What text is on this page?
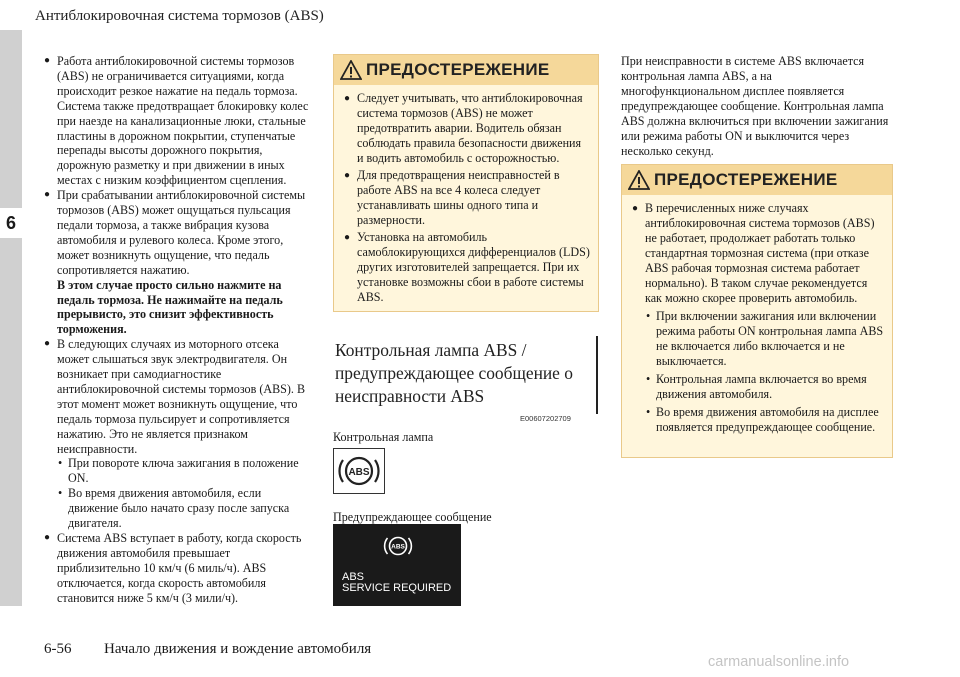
Антиблокировочная система тормозов (ABS)
6
● Работа антиблокировочной системы тормозов (ABS) не ограничивается ситуациями, когда происходит резкое нажатие на педаль тормоза. Система также предотвращает блокировку колес при наезде на канализационные люки, стальные пластины в дорожном покрытии, ступенчатые перепады высоты дорожного покрытия, дорожную разметку и при движении в иных местах с низким коэффициентом сцепления.
● При срабатывании антиблокировочной системы тормозов (ABS) может ощущаться пульсация педали тормоза, а также вибрация кузова автомобиля и рулевого колеса. Кроме этого, может возникнуть ощущение, что педаль сопротивляется нажатию.
В этом случае просто сильно нажмите на педаль тормоза. Не нажимайте на педаль прерывисто, это снизит эффективность торможения.
● В следующих случаях из моторного отсека может слышаться звук электродвигателя. Он возникает при самодиагностике антиблокировочной системы тормозов (ABS). В этот момент может возникнуть ощущение, что педаль тормоза пульсирует и сопротивляется нажатию. Это не является признаком неисправности.
• При повороте ключа зажигания в положение ON.
• Во время движения автомобиля, если движение было начато сразу после запуска двигателя.
● Система ABS вступает в работу, когда скорость движения автомобиля превышает приблизительно 10 км/ч (6 миль/ч). ABS отключается, когда скорость автомобиля становится ниже 5 км/ч (3 мили/ч).
ПРЕДОСТЕРЕЖЕНИЕ
● Следует учитывать, что антиблокировочная система тормозов (ABS) не может предотвратить аварии. Водитель обязан соблюдать правила безопасности движения и водить автомобиль с осторожностью.
● Для предотвращения неисправностей в работе ABS на все 4 колеса следует устанавливать шины одного типа и размерности.
● Установка на автомобиль самоблокирующихся дифференциалов (LDS) других изготовителей запрещается. При их установке возможны сбои в работе системы ABS.
Контрольная лампа ABS / предупреждающее сообщение о неисправности ABS
E00607202709
Контрольная лампа
ABS
Предупреждающее сообщение
ABS
ABS
SERVICE REQUIRED
При неисправности в системе ABS включается контрольная лампа ABS, а на многофункциональном дисплее появляется предупреждающее сообщение. Контрольная лампа ABS должна включиться при включении зажигания или режима работы ON и выключится через несколько секунд.
ПРЕДОСТЕРЕЖЕНИЕ
● В перечисленных ниже случаях антиблокировочная система тормозов (ABS) не работает, продолжает работать только стандартная тормозная система (при отказе ABS рабочая тормозная система работает нормально). В таком случае рекомендуется как можно скорее проверить автомобиль.
• При включении зажигания или включении режима работы ON контрольная лампа ABS не включается либо включается и не выключается.
• Контрольная лампа включается во время движения автомобиля.
• Во время движения автомобиля на дисплее появляется предупреждающее сообщение.
6-56 Начало движения и вождение автомобиля
carmanualsonline.info
